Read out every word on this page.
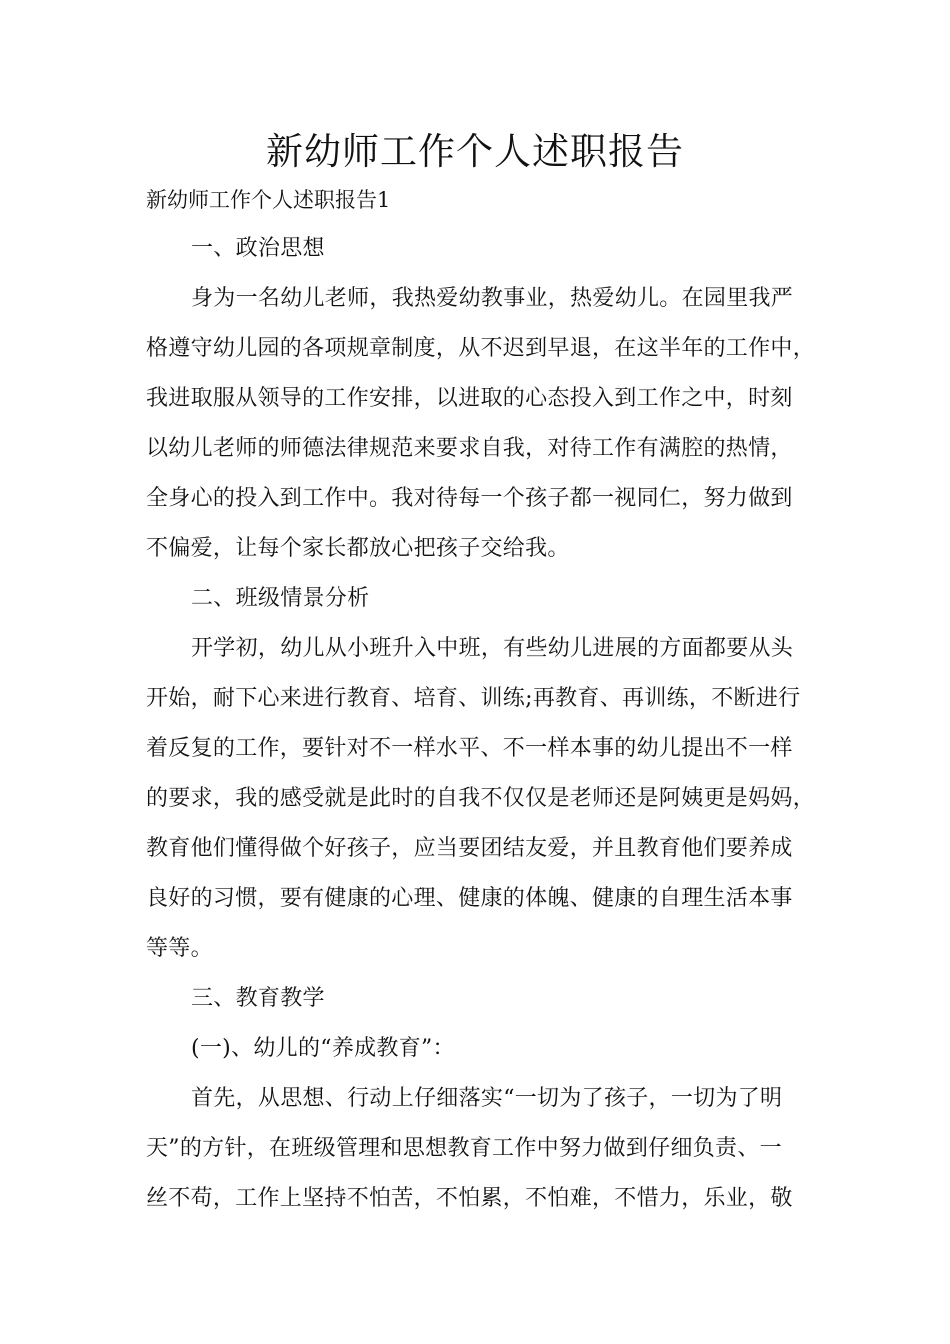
新幼师工作个人述职报告
新幼师工作个人述职报告1
一、政治思想
身为一名幼儿老师，我热爱幼教事业，热爱幼儿。在园里我严
格遵守幼儿园的各项规章制度，从不迟到早退，在这半年的工作中，
我进取服从领导的工作安排，以进取的心态投入到工作之中，时刻
以幼儿老师的师德法律规范来要求自我，对待工作有满腔的热情，
全身心的投入到工作中。我对待每一个孩子都一视同仁，努力做到
不偏爱，让每个家长都放心把孩子交给我。
二、班级情景分析
开学初，幼儿从小班升入中班，有些幼儿进展的方面都要从头
开始，耐下心来进行教育、培育、训练;再教育、再训练，不断进行
着反复的工作，要针对不一样水平、不一样本事的幼儿提出不一样
的要求，我的感受就是此时的自我不仅仅是老师还是阿姨更是妈妈，
教育他们懂得做个好孩子，应当要团结友爱，并且教育他们要养成
良好的习惯，要有健康的心理、健康的体魄、健康的自理生活本事
等等。
三、教育教学
(一)、幼儿的“养成教育”：
首先，从思想、行动上仔细落实“一切为了孩子，一切为了明
天”的方针，在班级管理和思想教育工作中努力做到仔细负责、一
丝不苟，工作上坚持不怕苦，不怕累，不怕难，不惜力，乐业，敬
